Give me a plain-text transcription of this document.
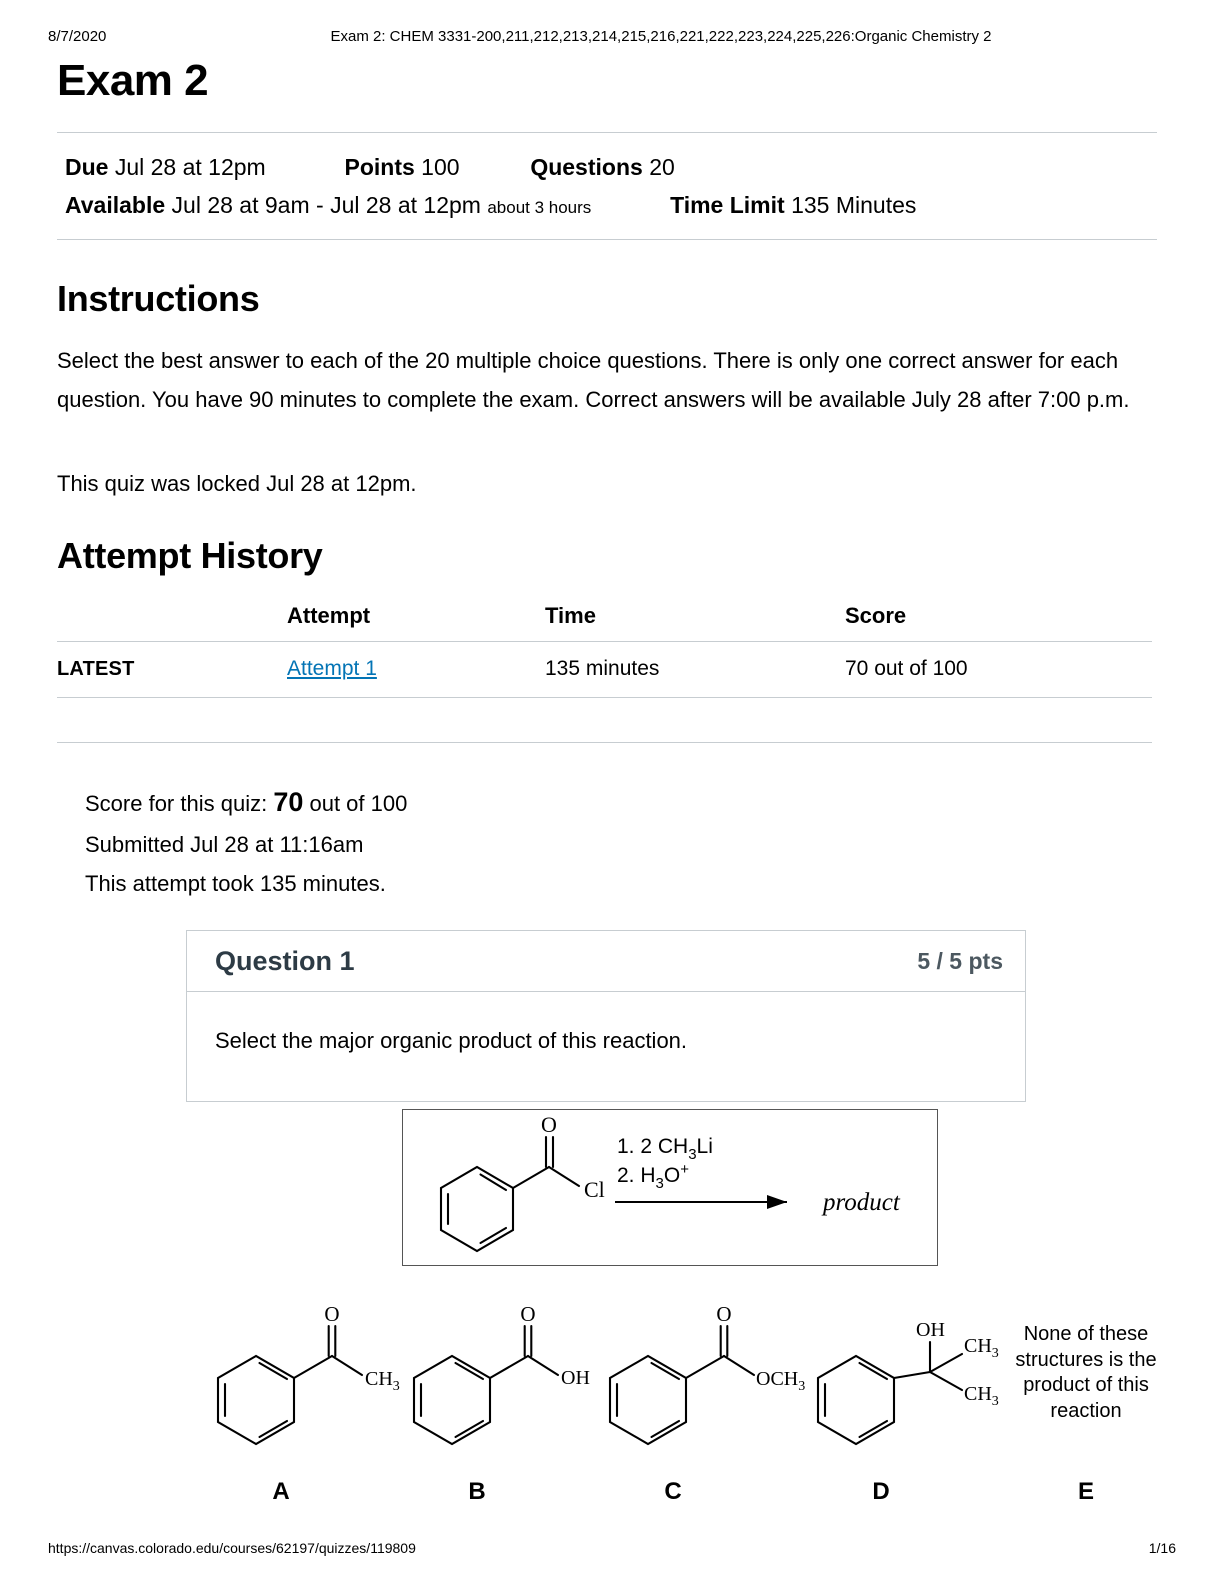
8/7/2020	Exam 2: CHEM 3331-200,211,212,213,214,215,216,221,222,223,224,225,226:Organic Chemistry 2
Exam 2
Due Jul 28 at 12pm	Points 100	Questions 20
Available Jul 28 at 9am - Jul 28 at 12pm about 3 hours	Time Limit 135 Minutes
Instructions

Select the best answer to each of the 20 multiple choice questions. There is only one correct answer for each question. You have 90 minutes to complete the exam. Correct answers will be available July 28 after 7:00 p.m.

This quiz was locked Jul 28 at 12pm.

Attempt History
	Attempt	Time	Score
LATEST	Attempt 1	135 minutes	70 out of 100
Score for this quiz: 70 out of 100
Submitted Jul 28 at 11:16am
This attempt took 135 minutes.
Question 1	5 / 5 pts

Select the major organic product of this reaction.

O
Cl
1. 2 $CH_3Li$
2. $H_3O^+$
product
O
$CH_3$
A
O
OH
B
O
$OCH_3$
C
OH
$CH_3$
$CH_3$
D
None of these structures is the product of this reaction
E
https://canvas.colorado.edu/courses/62197/quizzes/119809	1/16
